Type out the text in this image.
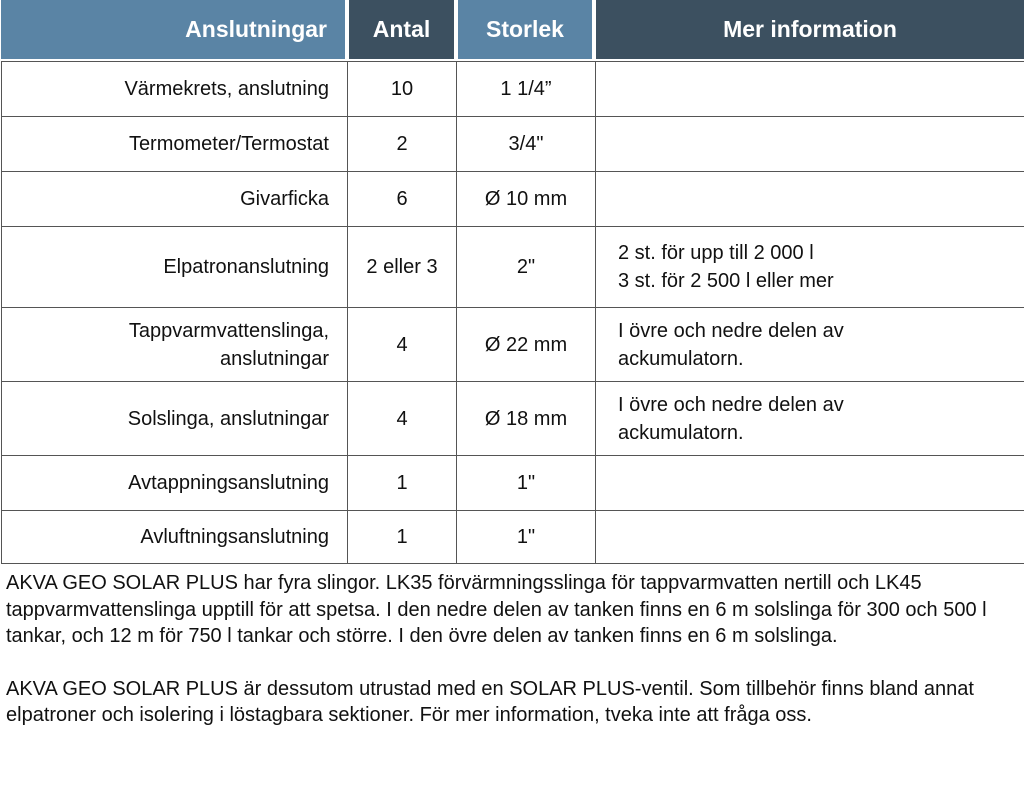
Anslutningar	Antal	Storlek	Mer information
Värmekrets, anslutning	10	1 1/4”	

Termometer/Termostat	2	3/4"	

Givarficka	6	Ø 10 mm	

Elpatronanslutning	2 eller 3	2"	2 st. för upp till 2 000 l
3 st. för 2 500 l eller mer

Tappvarmvattenslinga,
anslutningar	4	Ø 22 mm	I övre och nedre delen av
ackumulatorn.

Solslinga, anslutningar	4	Ø 18 mm	I övre och nedre delen av
ackumulatorn.

Avtappningsanslutning	1	1"	

Avluftningsanslutning	1	1"	

AKVA GEO SOLAR PLUS har fyra slingor. LK35 förvärmningsslinga för tappvarmvatten nertill och LK45 tappvarmvattenslinga upptill för att spetsa. I den nedre delen av tanken finns en 6 m solslinga för 300 och 500 l tankar, och 12 m för 750 l tankar och större. I den övre delen av tanken finns en 6 m solslinga.

AKVA GEO SOLAR PLUS är dessutom utrustad med en SOLAR PLUS-ventil. Som tillbehör finns bland annat elpatroner och isolering i löstagbara sektioner. För mer information, tveka inte att fråga oss.
